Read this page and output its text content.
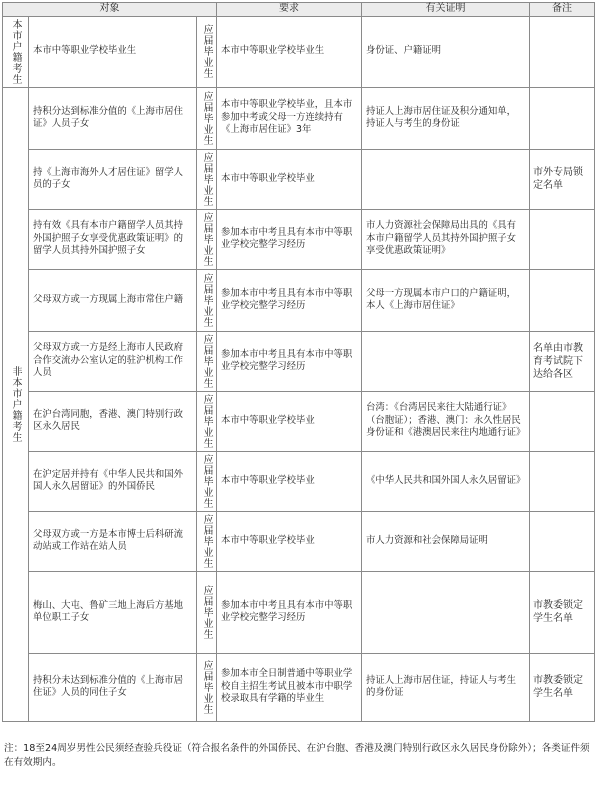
对象			要求	有关证明	备注
本市户籍考生	本市中等职业学校毕业生	应届毕业生	本市中等职业学校毕业生	身份证、户籍证明	
非本市户籍考生	持积分达到标准分值的《上海市居住证》人员子女	应届毕业生	本市中等职业学校毕业，且本市参加中考或父母一方连续持有《上海市居住证》3年	持证人上海市居住证及积分通知单，持证人与考生的身份证	
	持《上海市海外人才居住证》留学人员的子女	应届毕业生	本市中等职业学校毕业		市外专局锁定名单
	持有效《具有本市户籍留学人员其持外国护照子女享受优惠政策证明》的留学人员其持外国护照子女	应届毕业生	参加本市中考且具有本市中等职业学校完整学习经历	市人力资源社会保障局出具的《具有本市户籍留学人员其持外国护照子女享受优惠政策证明》	
	父母双方或一方现属上海市常住户籍	应届毕业生	参加本市中考且具有本市中等职业学校完整学习经历	父母一方现属本市户口的户籍证明，本人《上海市居住证》	
	父母双方或一方是经上海市人民政府合作交流办公室认定的驻沪机构工作人员	应届毕业生	参加本市中考且具有本市中等职业学校完整学习经历		名单由市教育考试院下达给各区
	在沪台湾同胞，香港、澳门特别行政区永久居民	应届毕业生	本市中等职业学校毕业	台湾：《台湾居民来往大陆通行证》（台胞证）；香港、澳门：永久性居民身份证和《港澳居民来往内地通行证》	
	在沪定居并持有《中华人民共和国外国人永久居留证》的外国侨民	应届毕业生	本市中等职业学校毕业	《中华人民共和国外国人永久居留证》	
	父母双方或一方是本市博士后科研流动站或工作站在站人员	应届毕业生	本市中等职业学校毕业	市人力资源和社会保障局证明	
	梅山、大屯、鲁矿三地上海后方基地单位职工子女	应届毕业生	参加本市中考且具有本市中等职业学校完整学习经历		市教委锁定学生名单
	持积分未达到标准分值的《上海市居住证》人员的同住子女	应届毕业生	参加本市全日制普通中等职业学校自主招生考试且被本市中职学校录取具有学籍的毕业生	持证人上海市居住证，持证人与考生的身份证	市教委锁定学生名单
注：18至24周岁男性公民须经查验兵役证（符合报名条件的外国侨民、在沪台胞、香港及澳门特别行政区永久居民身份除外）；各类证件须在有效期内。
